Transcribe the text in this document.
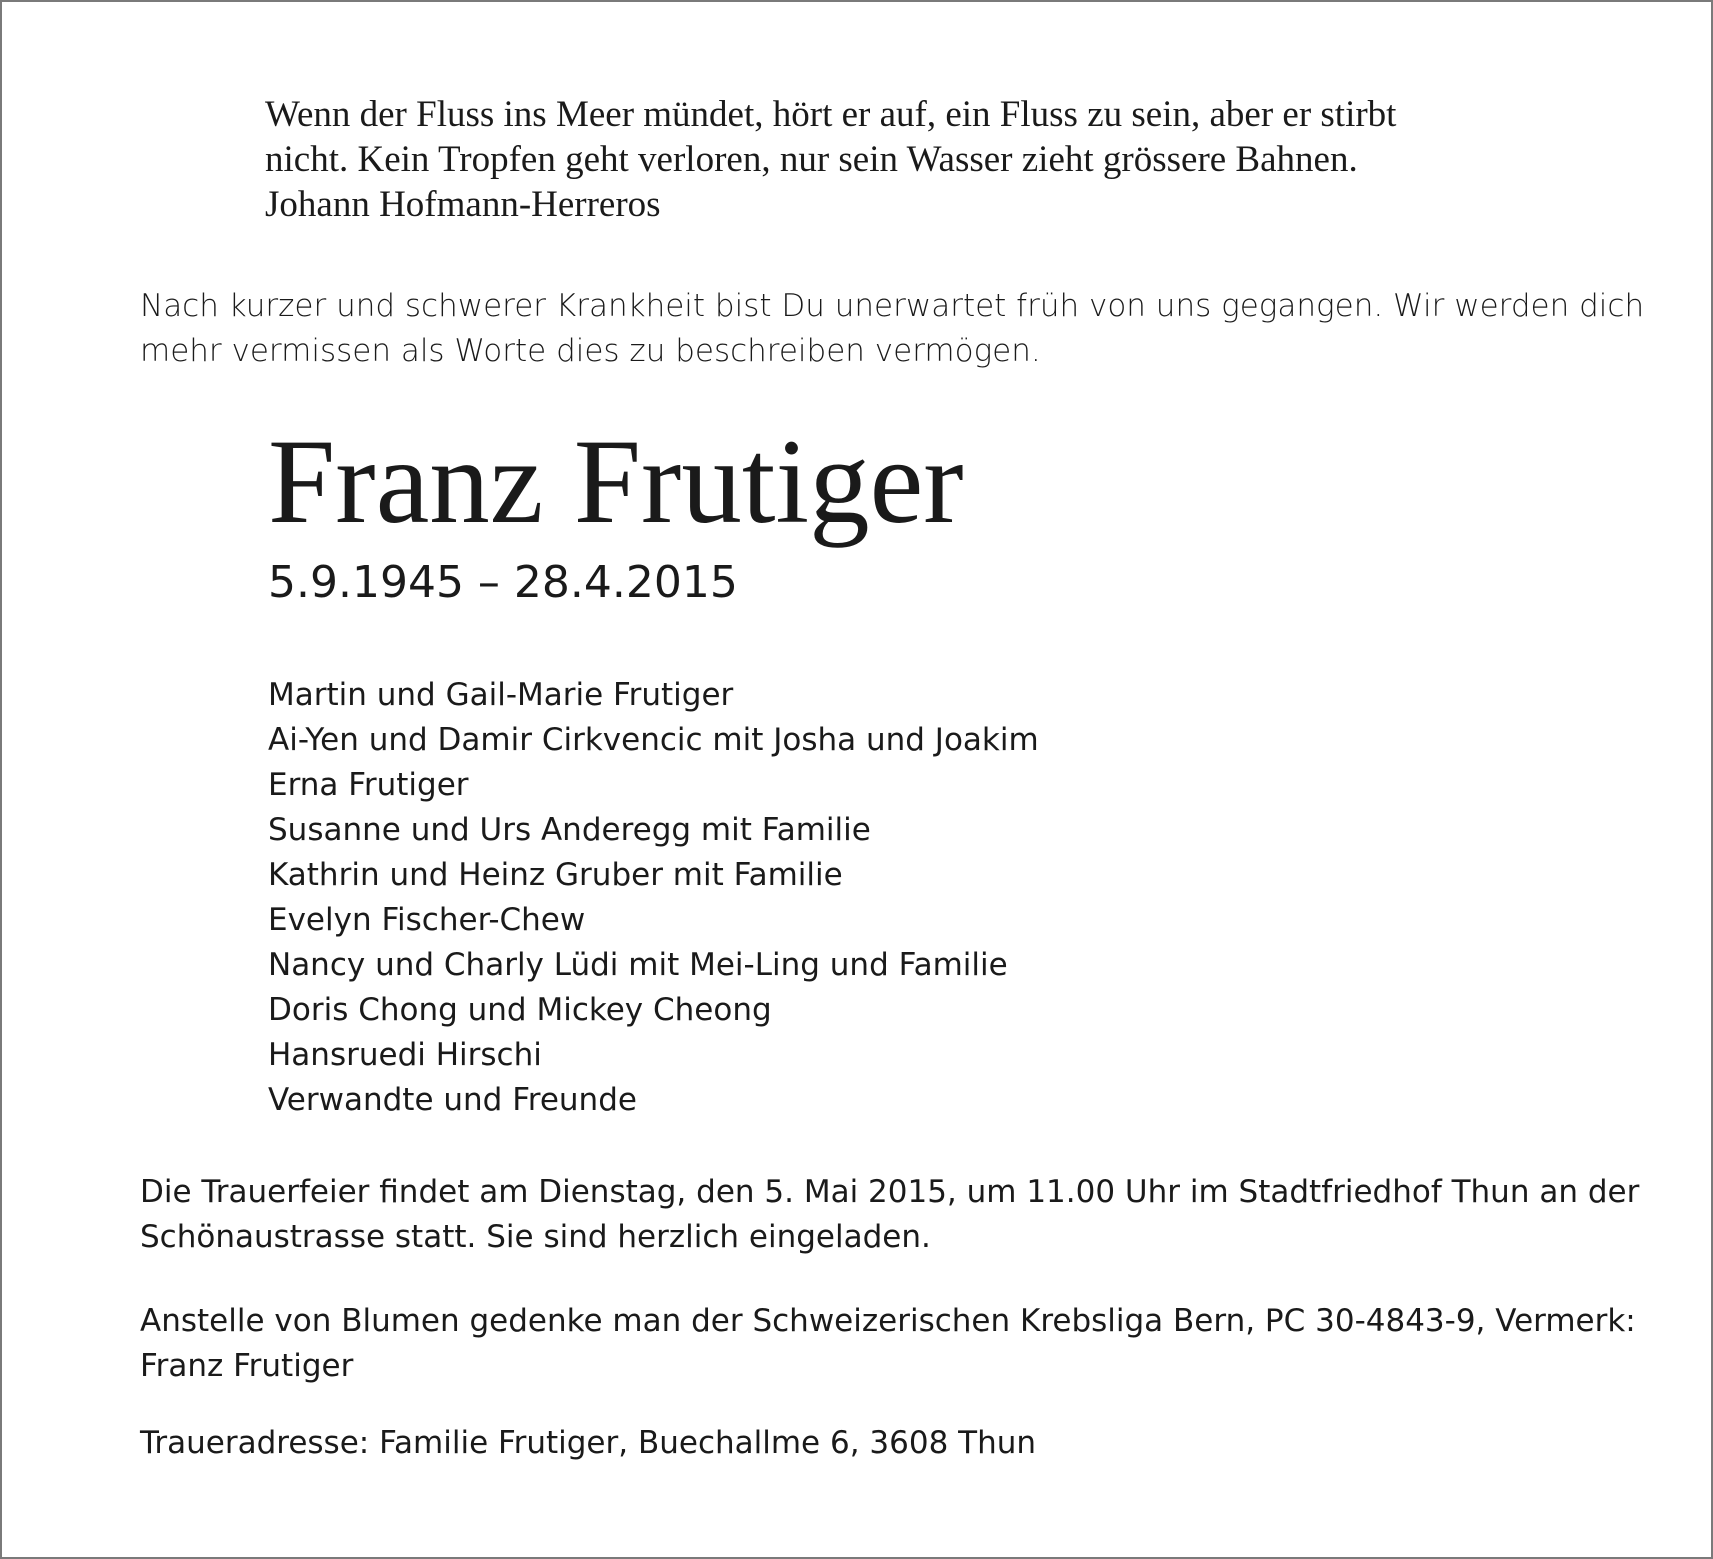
Wenn der Fluss ins Meer mündet, hört er auf, ein Fluss zu sein, aber er stirbt
nicht. Kein Tropfen geht verloren, nur sein Wasser zieht grössere Bahnen.
Johann Hofmann-Herreros

Nach kurzer und schwerer Krankheit bist Du unerwartet früh von uns gegangen. Wir werden dich
mehr vermissen als Worte dies zu beschreiben vermögen.

Franz Frutiger
5.9.1945 – 28.4.2015
Martin und Gail-Marie Frutiger
Ai-Yen und Damir Cirkvencic mit Josha und Joakim
Erna Frutiger
Susanne und Urs Anderegg mit Familie
Kathrin und Heinz Gruber mit Familie
Evelyn Fischer-Chew
Nancy und Charly Lüdi mit Mei-Ling und Familie
Doris Chong und Mickey Cheong
Hansruedi Hirschi
Verwandte und Freunde

Die Trauerfeier findet am Dienstag, den 5. Mai 2015, um 11.00 Uhr im Stadtfriedhof Thun an der
Schönaustrasse statt. Sie sind herzlich eingeladen.

Anstelle von Blumen gedenke man der Schweizerischen Krebsliga Bern, PC 30-4843-9, Vermerk:
Franz Frutiger

Traueradresse: Familie Frutiger, Buechallme 6, 3608 Thun
